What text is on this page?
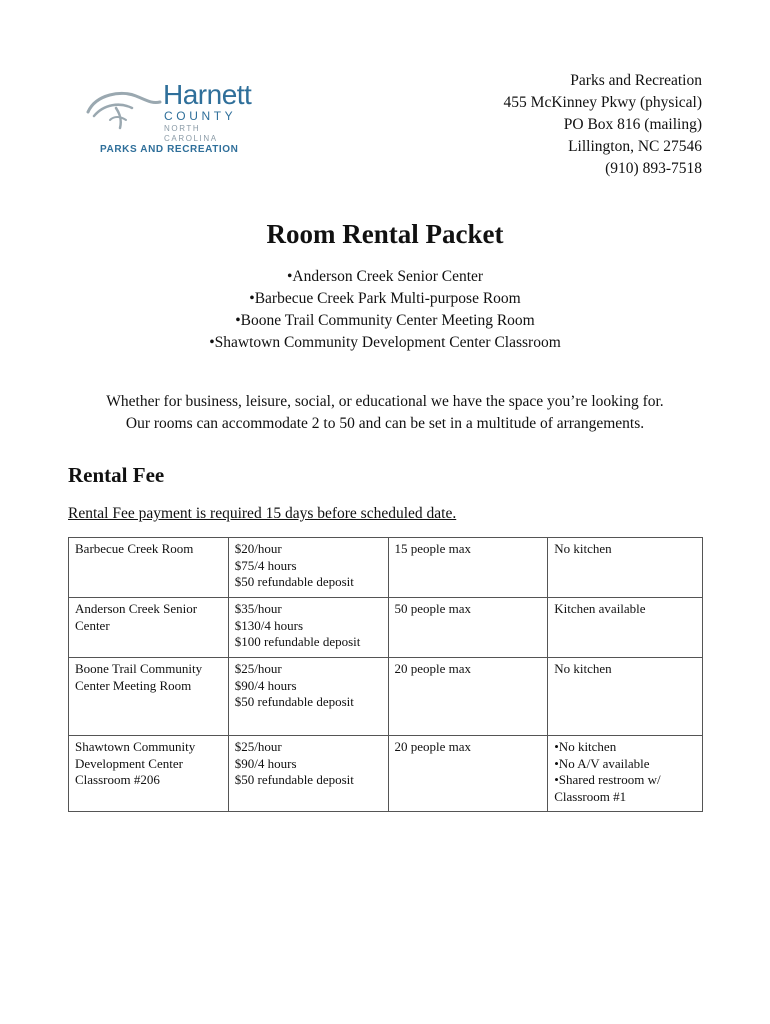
Harnett
COUNTY
NORTH CAROLINA
PARKS AND RECREATION
Parks and Recreation
455 McKinney Pkwy (physical)
PO Box 816 (mailing)
Lillington, NC 27546
(910) 893-7518
Room Rental Packet
• Anderson Creek Senior Center
• Barbecue Creek Park Multi-purpose Room
• Boone Trail Community Center Meeting Room
• Shawtown Community Development Center Classroom
Whether for business, leisure, social, or educational we have the space you’re looking for.
Our rooms can accommodate 2 to 50 and can be set in a multitude of arrangements.
Rental Fee
Rental Fee payment is required 15 days before scheduled date.
Barbecue Creek Room	$20/hour
$75/4 hours
$50 refundable deposit	15 people max	No kitchen

Anderson Creek Senior
Center	$35/hour
$130/4 hours
$100 refundable deposit	50 people max	Kitchen available

Boone Trail Community
Center Meeting Room	$25/hour
$90/4 hours
$50 refundable deposit	20 people max	No kitchen

Shawtown Community
Development Center
Classroom #206	$25/hour
$90/4 hours
$50 refundable deposit	20 people max	•No kitchen
•No A/V available
•Shared restroom w/
Classroom #1
